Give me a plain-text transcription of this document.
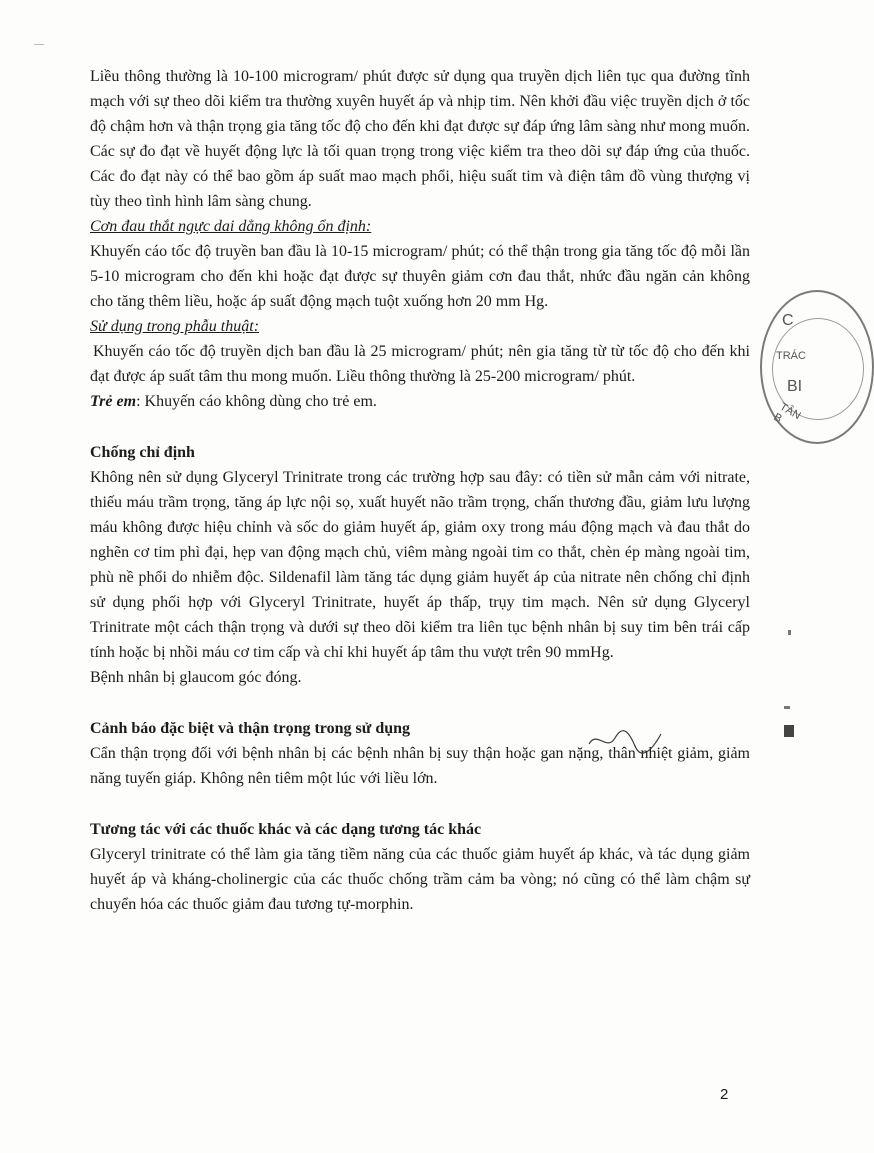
Liều thông thường là 10-100 microgram/ phút được sử dụng qua truyền dịch liên tục qua đường tĩnh mạch với sự theo dõi kiểm tra thường xuyên huyết áp và nhịp tim. Nên khởi đầu việc truyền dịch ở tốc độ chậm hơn và thận trọng gia tăng tốc độ cho đến khi đạt được sự đáp ứng lâm sàng như mong muốn. Các sự đo đạt về huyết động lực là tối quan trọng trong việc kiểm tra theo dõi sự đáp ứng của thuốc. Các đo đạt này có thể bao gồm áp suất mao mạch phổi, hiệu suất tim và điện tâm đồ vùng thượng vị tùy theo tình hình lâm sàng chung.

Cơn đau thắt ngực dai dẳng không ổn định:

Khuyến cáo tốc độ truyền ban đầu là 10-15 microgram/ phút; có thể thận trong gia tăng tốc độ mỗi lần 5-10 microgram cho đến khi hoặc đạt được sự thuyên giảm cơn đau thắt, nhức đầu ngăn cản không cho tăng thêm liều, hoặc áp suất động mạch tuột xuống hơn 20 mm Hg.

Sử dụng trong phẫu thuật:

Khuyến cáo tốc độ truyền dịch ban đầu là 25 microgram/ phút; nên gia tăng từ từ tốc độ cho đến khi đạt được áp suất tâm thu mong muốn. Liều thông thường là 25-200 microgram/ phút.

Trẻ em: Khuyến cáo không dùng cho trẻ em.

Chống chỉ định

Không nên sử dụng Glyceryl Trinitrate trong các trường hợp sau đây: có tiền sử mẫn cảm với nitrate, thiếu máu trầm trọng, tăng áp lực nội sọ, xuất huyết não trầm trọng, chấn thương đầu, giảm lưu lượng máu không được hiệu chỉnh và sốc do giảm huyết áp, giảm oxy trong máu động mạch và đau thắt do nghẽn cơ tim phì đại, hẹp van động mạch chủ, viêm màng ngoài tim co thắt, chèn ép màng ngoài tim, phù nề phổi do nhiễm độc. Sildenafil làm tăng tác dụng giảm huyết áp của nitrate nên chống chỉ định sử dụng phối hợp với Glyceryl Trinitrate, huyết áp thấp, trụy tim mạch. Nên sử dụng Glyceryl Trinitrate một cách thận trọng và dưới sự theo dõi kiểm tra liên tục bệnh nhân bị suy tim bên trái cấp tính hoặc bị nhồi máu cơ tim cấp và chỉ khi huyết áp tâm thu vượt trên 90 mmHg.

Bệnh nhân bị glaucom góc đóng.

Cảnh báo đặc biệt và thận trọng trong sử dụng

Cẩn thận trọng đối với bệnh nhân bị các bệnh nhân bị suy thận hoặc gan nặng, thân nhiệt giảm, giảm năng tuyến giáp. Không nên tiêm một lúc với liều lớn.

Tương tác với các thuốc khác và các dạng tương tác khác

Glyceryl trinitrate có thể làm gia tăng tiềm năng của các thuốc giảm huyết áp khác, và tác dụng giảm huyết áp và kháng-cholinergic của các thuốc chống trầm cảm ba vòng; nó cũng có thể làm chậm sự chuyển hóa các thuốc giảm đau tương tự-morphin.

C
TRÁC
BI
TÂN B
2
